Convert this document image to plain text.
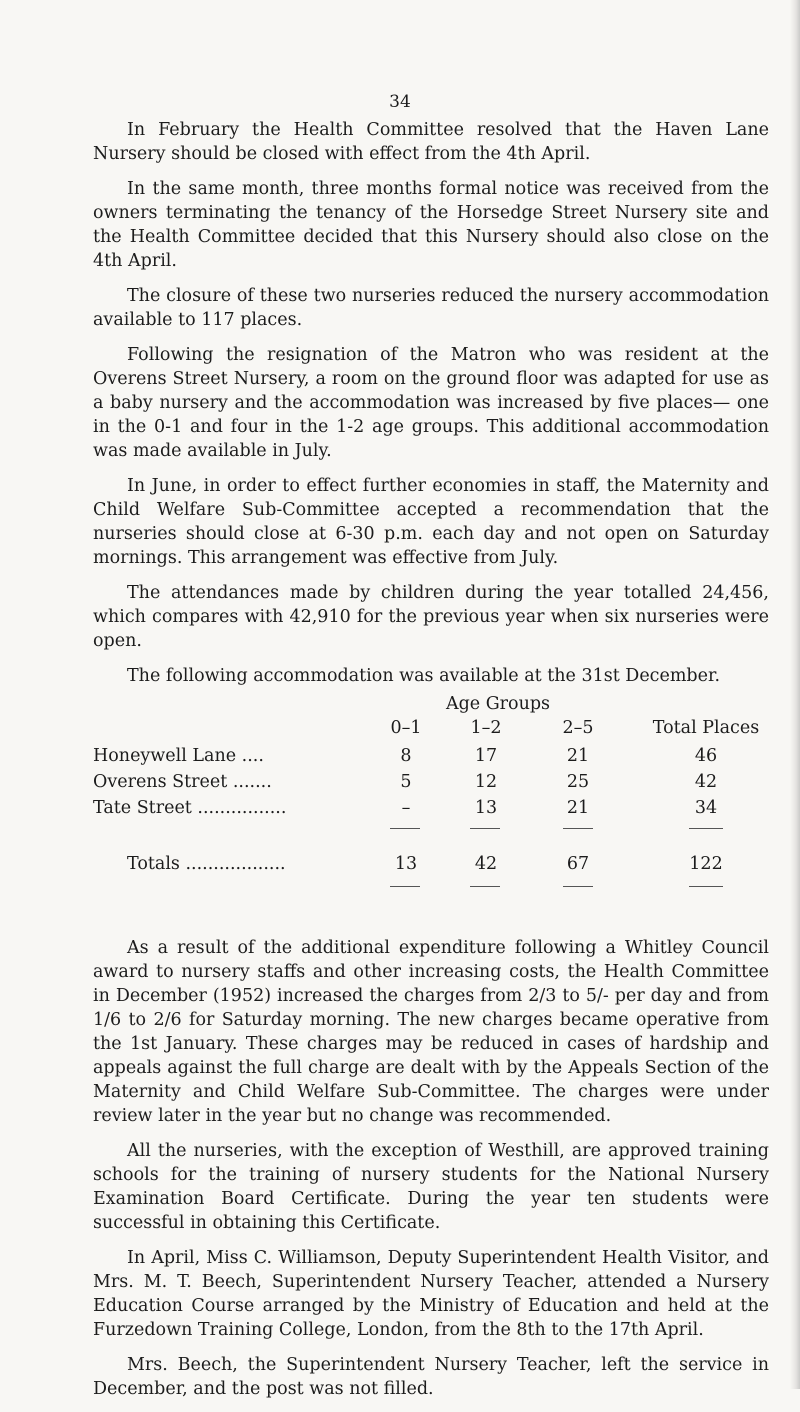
34

In February the Health Committee resolved that the Haven Lane Nursery should be closed with effect from the 4th April.

In the same month, three months formal notice was received from the owners terminating the tenancy of the Horsedge Street Nursery site and the Health Committee decided that this Nursery should also close on the 4th April.

The closure of these two nurseries reduced the nursery accommodation available to 117 places.

Following the resignation of the Matron who was resident at the Overens Street Nursery, a room on the ground floor was adapted for use as a baby nursery and the accommodation was increased by five places— one in the 0-1 and four in the 1-2 age groups. This additional accommodation was made available in July.

In June, in order to effect further economies in staff, the Maternity and Child Welfare Sub-Committee accepted a recommendation that the nurseries should close at 6-30 p.m. each day and not open on Saturday mornings. This arrangement was effective from July.

The attendances made by children during the year totalled 24,456, which compares with 42,910 for the previous year when six nurseries were open.

The following accommodation was available at the 31st December.

Age Groups
0–1	1–2	2–5	Total Places
Honeywell Lane ....	8	17	21	46
Overens Street .......	5	12	25	42
Tate Street ................	–	13	21	34
Totals ..................	13	42	67	122

As a result of the additional expenditure following a Whitley Council award to nursery staffs and other increasing costs, the Health Committee in December (1952) increased the charges from 2/3 to 5/- per day and from 1/6 to 2/6 for Saturday morning. The new charges became operative from the 1st January. These charges may be reduced in cases of hardship and appeals against the full charge are dealt with by the Appeals Section of the Maternity and Child Welfare Sub-Committee. The charges were under review later in the year but no change was recommended.

All the nurseries, with the exception of Westhill, are approved training schools for the training of nursery students for the National Nursery Examination Board Certificate. During the year ten students were successful in obtaining this Certificate.

In April, Miss C. Williamson, Deputy Superintendent Health Visitor, and Mrs. M. T. Beech, Superintendent Nursery Teacher, attended a Nursery Education Course arranged by the Ministry of Education and held at the Furzedown Training College, London, from the 8th to the 17th April.

Mrs. Beech, the Superintendent Nursery Teacher, left the service in December, and the post was not filled.
